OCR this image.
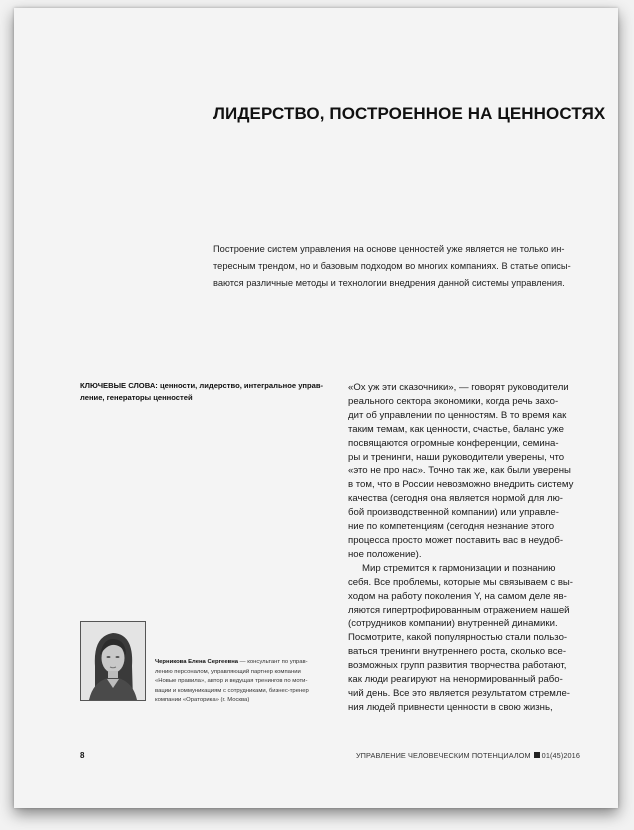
ЛИДЕРСТВО, ПОСТРОЕННОЕ НА ЦЕННОСТЯХ
Построение систем управления на основе ценностей уже является не только ин-
тересным трендом, но и базовым подходом во многих компаниях. В статье описы-
ваются различные методы и технологии внедрения данной системы управления.
КЛЮЧЕВЫЕ СЛОВА: ценности, лидерство, интегральное управ-
ление, генераторы ценностей
«Ох уж эти сказочники», — говорят руководители
реального сектора экономики, когда речь захо-
дит об управлении по ценностям. В то время как
таким темам, как ценности, счастье, баланс уже
посвящаются огромные конференции, семина-
ры и тренинги, наши руководители уверены, что
«это не про нас». Точно так же, как были уверены
в том, что в России невозможно внедрить систему
качества (сегодня она является нормой для лю-
бой производственной компании) или управле-
ние по компетенциям (сегодня незнание этого
процесса просто может поставить вас в неудоб-
ное положение).
Мир стремится к гармонизации и познанию
себя. Все проблемы, которые мы связываем с вы-
ходом на работу поколения Y, на самом деле яв-
ляются гипертрофированным отражением нашей
(сотрудников компании) внутренней динамики.
Посмотрите, какой популярностью стали пользо-
ваться тренинги внутреннего роста, сколько все-
возможных групп развития творчества работают,
как люди реагируют на ненормированный рабо-
чий день. Все это является результатом стремле-
ния людей привнести ценности в свою жизнь,
Черникова Елена Сергеевна — консультант по управ-
лению персоналом, управляющий партнер компании
«Новые правила», автор и ведущая тренингов по моти-
вации и коммуникациям с сотрудниками, бизнес-тренер
компании «Ораторика» (г. Москва)
8	УПРАВЛЕНИЕ ЧЕЛОВЕЧЕСКИМ ПОТЕНЦИАЛОМ 01(45)2016
